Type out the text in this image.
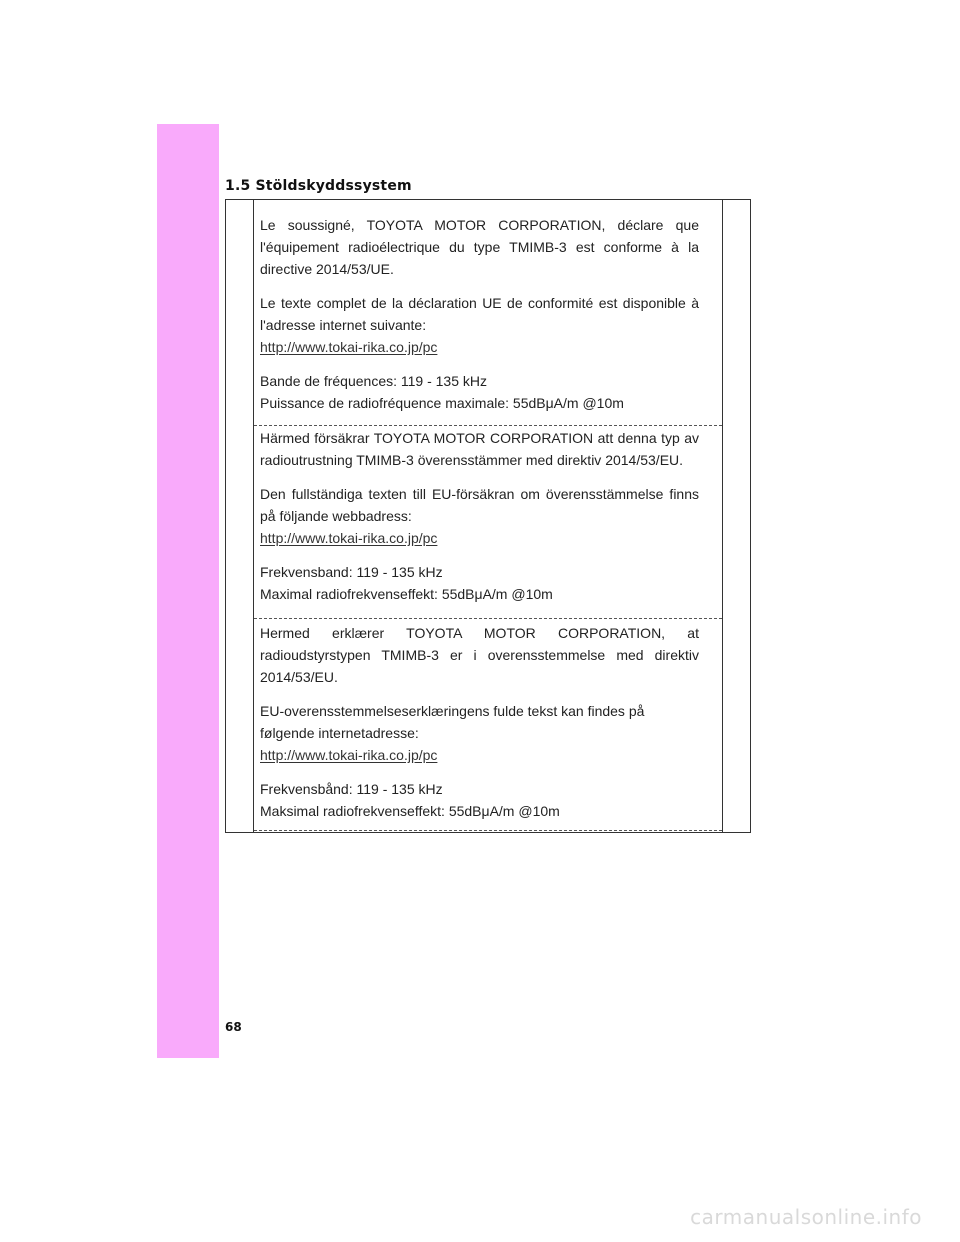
1.5 Stöldskyddssystem

Le soussigné, TOYOTA MOTOR CORPORATION, déclare que l'équipement radioélectrique du type TMIMB-3 est conforme à la directive 2014/53/UE.

Le texte complet de la déclaration UE de conformité est disponible à l'adresse internet suivante:

http://www.tokai-rika.co.jp/pc

Bande de fréquences: 119 - 135 kHz

Puissance de radiofréquence maximale: 55dBμA/m @10m

Härmed försäkrar TOYOTA MOTOR CORPORATION att denna typ av radioutrustning TMIMB-3 överensstämmer med direktiv 2014/53/EU.

Den fullständiga texten till EU-försäkran om överensstämmelse finns på följande webbadress:

http://www.tokai-rika.co.jp/pc

Frekvensband: 119 - 135 kHz

Maximal radiofrekvenseffekt: 55dBμA/m @10m

Hermed erklærer TOYOTA MOTOR CORPORATION, at radioudstyrstypen TMIMB-3 er i overensstemmelse med direktiv 2014/53/EU.

EU-overensstemmelseserklæringens fulde tekst kan findes på

følgende internetadresse:

http://www.tokai-rika.co.jp/pc

Frekvensbånd: 119 - 135 kHz

Maksimal radiofrekvenseffekt: 55dBμA/m @10m

68
carmanualsonline.info
